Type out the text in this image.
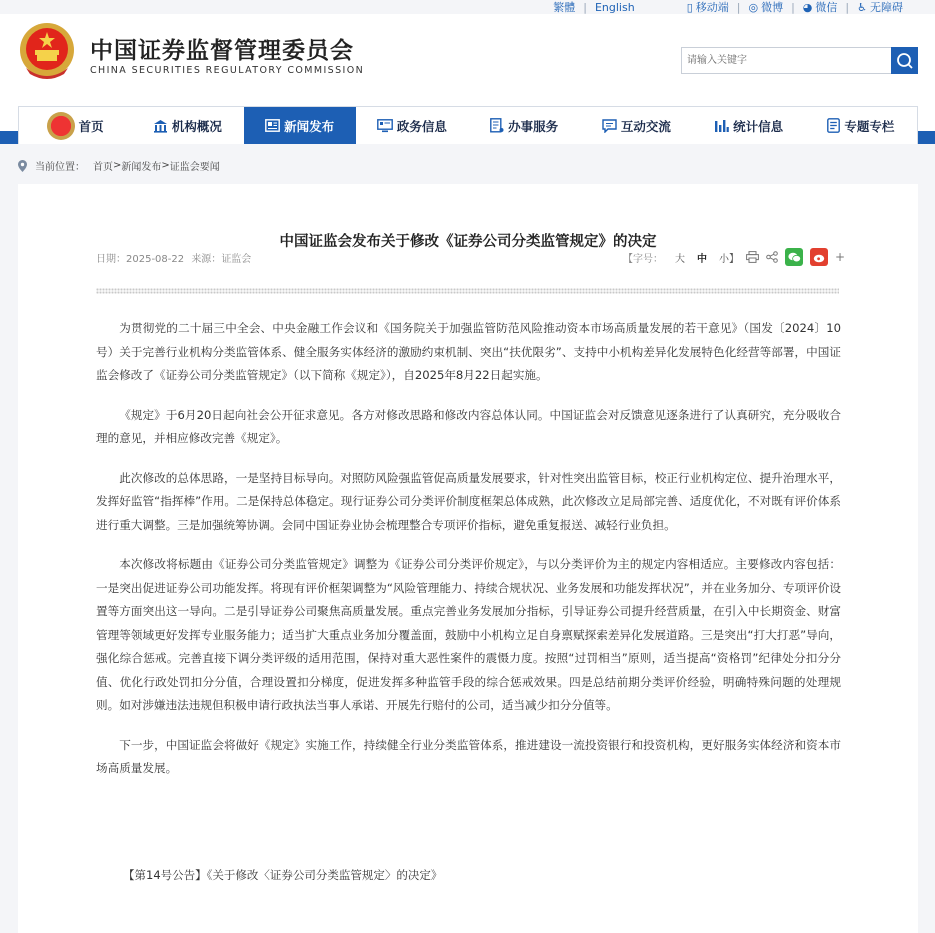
繁體 | English	▯ 移动端 | ◎ 微博 | ◕ 微信 | ♿ 无障碍
中国证券监督管理委员会
CHINA SECURITIES REGULATORY COMMISSION
请输入关键字
首页	机构概况	新闻发布	政务信息	办事服务	互动交流	统计信息	专题专栏
当前位置： 首页 > 新闻发布 > 证监会要闻
中国证监会发布关于修改《证券公司分类监管规定》的决定
日期：2025-08-22 来源：证监会	【字号： 大 中 小】	+

为贯彻党的二十届三中全会、中央金融工作会议和《国务院关于加强监管防范风险推动资本市场高质量发展的若干意见》（国发〔2024〕10号）关于完善行业机构分类监管体系、健全服务实体经济的激励约束机制、突出“扶优限劣”、支持中小机构差异化发展特色化经营等部署，中国证监会修改了《证券公司分类监管规定》（以下简称《规定》），自2025年8月22日起实施。

《规定》于6月20日起向社会公开征求意见。各方对修改思路和修改内容总体认同。中国证监会对反馈意见逐条进行了认真研究，充分吸收合理的意见，并相应修改完善《规定》。

此次修改的总体思路，一是坚持目标导向。对照防风险强监管促高质量发展要求，针对性突出监管目标，校正行业机构定位、提升治理水平，发挥好监管“指挥棒”作用。二是保持总体稳定。现行证券公司分类评价制度框架总体成熟，此次修改立足局部完善、适度优化，不对既有评价体系进行重大调整。三是加强统筹协调。会同中国证券业协会梳理整合专项评价指标，避免重复报送、减轻行业负担。

本次修改将标题由《证券公司分类监管规定》调整为《证券公司分类评价规定》，与以分类评价为主的规定内容相适应。主要修改内容包括：一是突出促进证券公司功能发挥。将现有评价框架调整为“风险管理能力、持续合规状况、业务发展和功能发挥状况”，并在业务加分、专项评价设置等方面突出这一导向。二是引导证券公司聚焦高质量发展。重点完善业务发展加分指标，引导证券公司提升经营质量，在引入中长期资金、财富管理等领域更好发挥专业服务能力；适当扩大重点业务加分覆盖面，鼓励中小机构立足自身禀赋探索差异化发展道路。三是突出“打大打恶”导向，强化综合惩戒。完善直接下调分类评级的适用范围，保持对重大恶性案件的震慑力度。按照“过罚相当”原则，适当提高“资格罚”纪律处分扣分分值、优化行政处罚扣分分值，合理设置扣分梯度，促进发挥多种监管手段的综合惩戒效果。四是总结前期分类评价经验，明确特殊问题的处理规则。如对涉嫌违法违规但积极申请行政执法当事人承诺、开展先行赔付的公司，适当减少扣分分值等。

下一步，中国证监会将做好《规定》实施工作，持续健全行业分类监管体系，推进建设一流投资银行和投资机构，更好服务实体经济和资本市场高质量发展。

【第14号公告】《关于修改〈证券公司分类监管规定〉的决定》
